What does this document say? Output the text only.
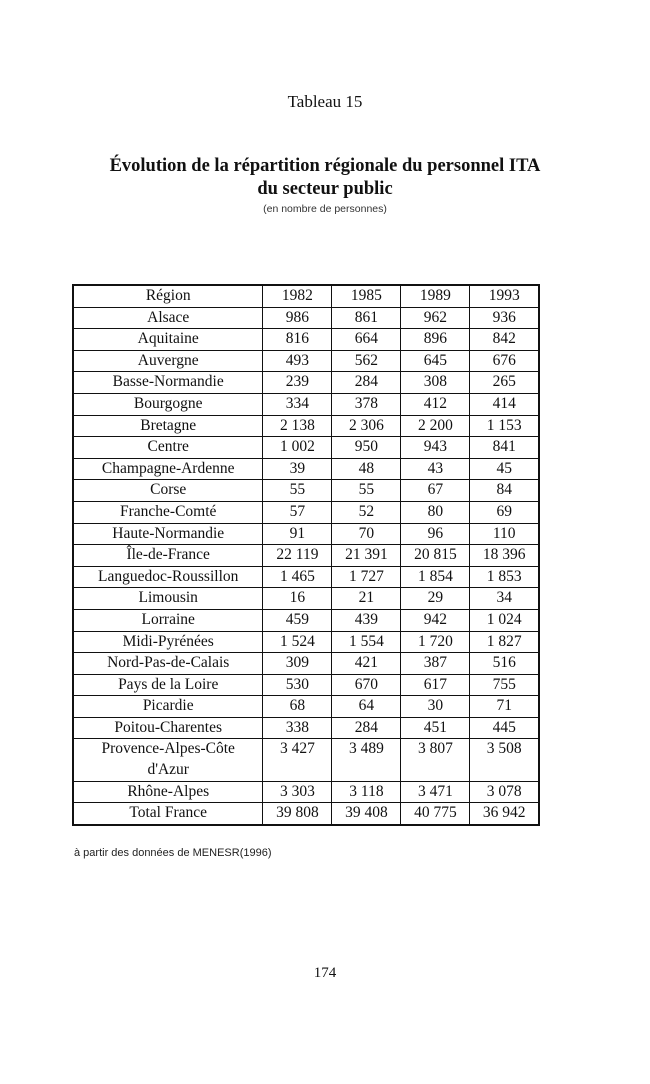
Tableau 15
Évolution de la répartition régionale du personnel ITA
du secteur public
(en nombre de personnes)
Région	1982	1985	1989	1993
Alsace	986	861	962	936
Aquitaine	816	664	896	842
Auvergne	493	562	645	676
Basse-Normandie	239	284	308	265
Bourgogne	334	378	412	414
Bretagne	2 138	2 306	2 200	1 153
Centre	1 002	950	943	841
Champagne-Ardenne	39	48	43	45
Corse	55	55	67	84
Franche-Comté	57	52	80	69
Haute-Normandie	91	70	96	110
Île-de-France	22 119	21 391	20 815	18 396
Languedoc-Roussillon	1 465	1 727	1 854	1 853
Limousin	16	21	29	34
Lorraine	459	439	942	1 024
Midi-Pyrénées	1 524	1 554	1 720	1 827
Nord-Pas-de-Calais	309	421	387	516
Pays de la Loire	530	670	617	755
Picardie	68	64	30	71
Poitou-Charentes	338	284	451	445
Provence-Alpes-Côte d'Azur	3 427	3 489	3 807	3 508
Rhône-Alpes	3 303	3 118	3 471	3 078
Total France	39 808	39 408	40 775	36 942
à partir des données de MENESR(1996)
174
